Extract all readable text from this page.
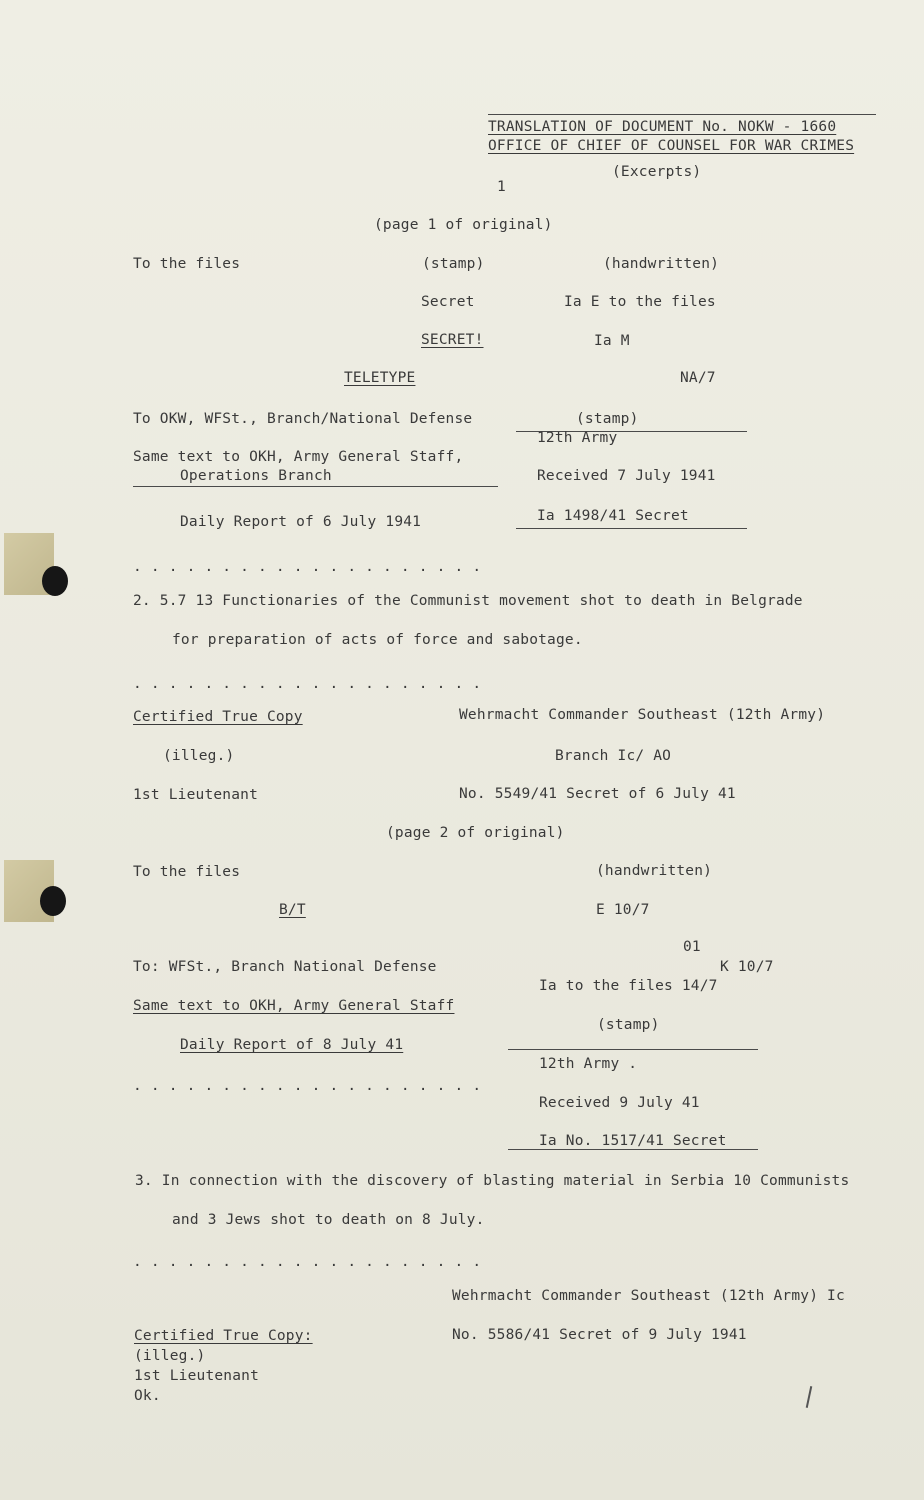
TRANSLATION OF DOCUMENT No. NOKW - 1660
OFFICE OF CHIEF OF COUNSEL FOR WAR CRIMES
(Excerpts)
1
(page 1 of original)
To the files	(stamp)	(handwritten)
Secret	Ia E to the files
SECRET!	Ia M
TELETYPE	NA/7
To OKW, WFSt., Branch/National Defense	(stamp)
12th Army
Same text to OKH, Army General Staff,
Operations Branch	Received 7 July 1941
Daily Report of 6 July 1941	Ia 1498/41 Secret
. . . . . . . . . . . . . . . . . . . .
2. 5.7 13 Functionaries of the Communist movement shot to death in Belgrade
for preparation of acts of force and sabotage.
. . . . . . . . . . . . . . . . . . . .
Certified True Copy	Wehrmacht Commander Southeast (12th Army)
(illeg.)	Branch Ic/ AO
1st Lieutenant	No. 5549/41 Secret of 6 July 41
(page 2 of original)
To the files	(handwritten)
B/T	E 10/7
01
To: WFSt., Branch National Defense	K 10/7
Ia to the files 14/7
Same text to OKH, Army General Staff
(stamp)
Daily Report of 8 July 41
12th Army .
. . . . . . . . . . . . . . . . . . . .
Received 9 July 41
Ia No. 1517/41 Secret
3. In connection with the discovery of blasting material in Serbia 10 Communists
and 3 Jews shot to death on 8 July.
. . . . . . . . . . . . . . . . . . . .
Wehrmacht Commander Southeast (12th Army) Ic
Certified True Copy:	No. 5586/41 Secret of 9 July 1941
(illeg.)
1st Lieutenant
Ok.
